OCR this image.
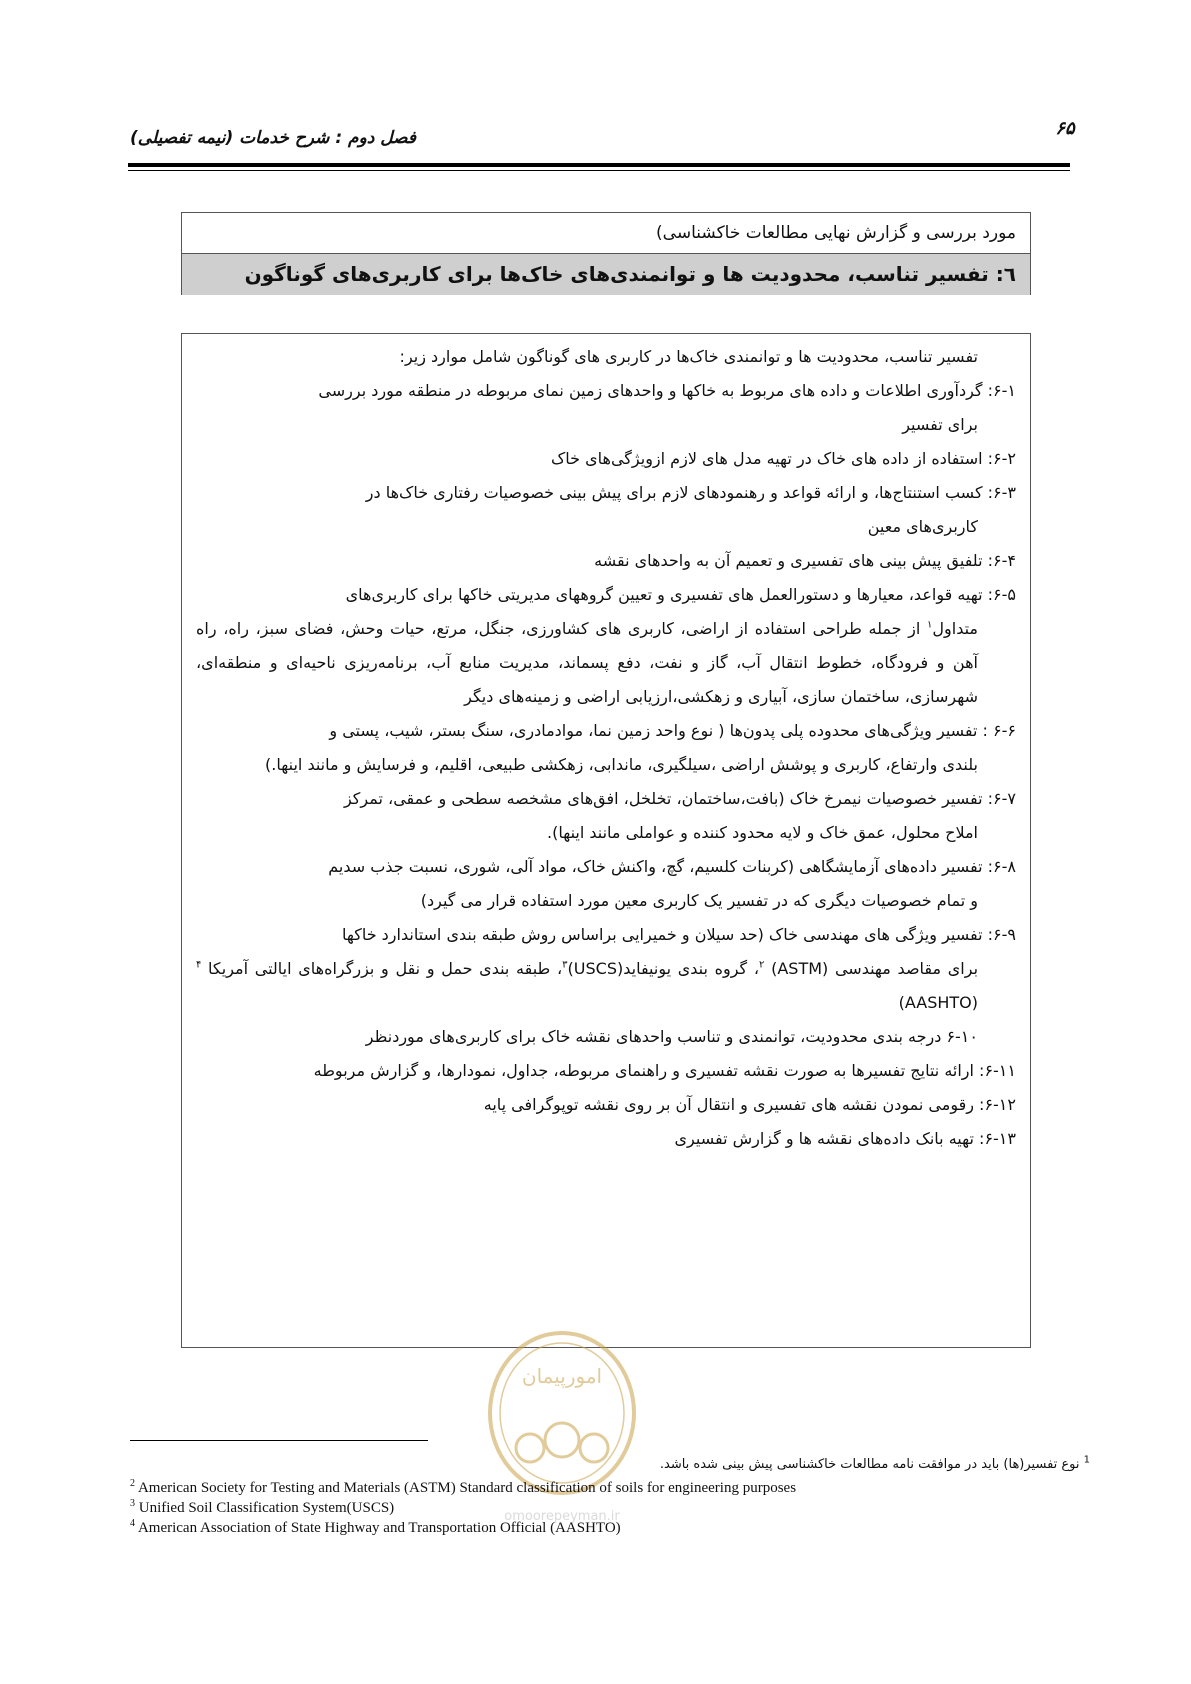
فصل دوم : شرح خدمات (نیمه تفصیلی)	۶۵
مورد بررسی و گزارش نهایی مطالعات خاکشناسی)
٦: تفسیر تناسب، محدودیت ها و توانمندی‌های خاک‌ها برای کاربری‌های گوناگون
تفسیر تناسب، محدودیت ها و توانمندی خاک‌ها در کاربری های گوناگون شامل موارد زیر:
۶-۱: گردآوری اطلاعات و داده های مربوط به خاکها و واحدهای زمین نمای مربوطه در منطقه مورد بررسی
برای تفسیر
۶-۲: استفاده از داده های خاک در تهیه مدل های لازم ازویژگی‌های خاک
۶-۳: کسب استنتاج‌ها، و ارائه قواعد و رهنمودهای لازم برای پیش بینی خصوصیات رفتاری خاک‌ها در
کاربری‌های معین
۶-۴: تلفیق پیش بینی های تفسیری و تعمیم آن به واحدهای نقشه
۶-۵: تهیه قواعد، معیارها و دستورالعمل های تفسیری و تعیین گروههای مدیریتی خاکها برای کاربری‌های
متداول$^۱$ از جمله طراحی استفاده از اراضی، کاربری های کشاورزی، جنگل، مرتع، حیات وحش، فضای سبز، راه، راه آهن و فرودگاه، خطوط انتقال آب، گاز و نفت، دفع پسماند، مدیریت منابع آب، برنامه‌ریزی ناحیه‌ای و منطقه‌ای، شهرسازی، ساختمان سازی، آبیاری و زهکشی،ارزیابی اراضی و زمینه‌های دیگر
۶-۶ : تفسیر ویژگی‌های محدوده پلی پدون‌ها ( نوع واحد زمین نما، موادمادری، سنگ بستر، شیب، پستی و
بلندی وارتفاع، کاربری و پوشش اراضی ،سیلگیری، ماندابی، زهکشی طبیعی، اقلیم، و فرسایش و مانند اینها.)
۶-۷: تفسیر خصوصیات نیمرخ خاک (بافت،ساختمان، تخلخل، افق‌های مشخصه سطحی و عمقی، تمرکز
املاح محلول، عمق خاک و لایه محدود کننده و عواملی مانند اینها).
۶-۸: تفسیر داده‌های آزمایشگاهی (کربنات کلسیم، گچ، واکنش خاک، مواد آلی، شوری، نسبت جذب سدیم
و تمام خصوصیات دیگری که در تفسیر یک کاربری معین مورد استفاده قرار می گیرد)
۶-۹: تفسیر ویژگی های مهندسی خاک (حد سیلان و خمیرایی براساس روش طبقه بندی استاندارد خاکها
برای مقاصد مهندسی (ASTM) $^۲$، گروه بندی یونیفاید(USCS)$^۳$، طبقه بندی حمل و نقل و بزرگراه‌های ایالتی آمریکا $^۴$ (AASHTO)
۶-۱۰ درجه بندی محدودیت، توانمندی و تناسب واحدهای نقشه خاک برای کاربری‌های موردنظر
۶-۱۱: ارائه نتایج تفسیرها به صورت نقشه تفسیری و راهنمای مربوطه، جداول، نمودارها، و گزارش مربوطه
۶-۱۲: رقومی نمودن نقشه های تفسیری و انتقال آن بر روی نقشه توپوگرافی پایه
۶-۱۳: تهیه بانک داده‌های نقشه ها و گزارش تفسیری
امورپیمان
omoorepeyman.ir
$^1$ نوع تفسیر(ها) باید در موافقت نامه مطالعات خاکشناسی پیش بینی شده باشد.
$^2$ American Society for Testing and Materials (ASTM) Standard classification of soils for engineering purposes
$^3$ Unified Soil Classification System(USCS)
$^4$ American Association of State Highway and Transportation Official (AASHTO)
